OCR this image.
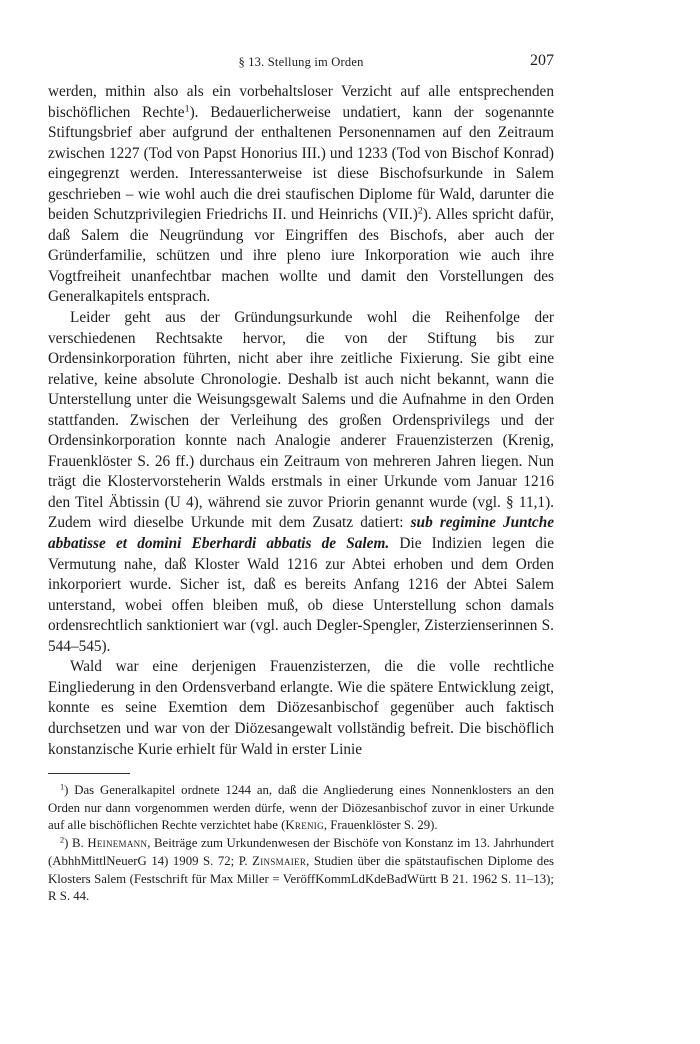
§ 13. Stellung im Orden	207

werden, mithin also als ein vorbehaltsloser Verzicht auf alle entsprechenden bischöflichen Rechte$^1$). Bedauerlicherweise undatiert, kann der sogenannte Stiftungsbrief aber aufgrund der enthaltenen Personennamen auf den Zeitraum zwischen 1227 (Tod von Papst Honorius III.) und 1233 (Tod von Bischof Konrad) eingegrenzt werden. Interessanterweise ist diese Bischofsurkunde in Salem geschrieben – wie wohl auch die drei staufischen Diplome für Wald, darunter die beiden Schutzprivilegien Friedrichs II. und Heinrichs $(VII.)^2$). Alles spricht dafür, daß Salem die Neugründung vor Eingriffen des Bischofs, aber auch der Gründerfamilie, schützen und ihre pleno iure Inkorporation wie auch ihre Vogtfreiheit unanfechtbar machen wollte und damit den Vorstellungen des Generalkapitels entsprach.

Leider geht aus der Gründungsurkunde wohl die Reihenfolge der verschiedenen Rechtsakte hervor, die von der Stiftung bis zur Ordensinkorporation führten, nicht aber ihre zeitliche Fixierung. Sie gibt eine relative, keine absolute Chronologie. Deshalb ist auch nicht bekannt, wann die Unterstellung unter die Weisungsgewalt Salems und die Aufnahme in den Orden stattfanden. Zwischen der Verleihung des großen Ordensprivilegs und der Ordensinkorporation konnte nach Analogie anderer Frauenzisterzen (Krenig, Frauenklöster S. 26 ff.) durchaus ein Zeitraum von mehreren Jahren liegen. Nun trägt die Klostervorsteherin Walds erstmals in einer Urkunde vom Januar 1216 den Titel Äbtissin (U 4), während sie zuvor Priorin genannt wurde (vgl. § 11,1). Zudem wird dieselbe Urkunde mit dem Zusatz datiert: sub regimine Juntche abbatisse et domini Eberhardi abbatis de Salem. Die Indizien legen die Vermutung nahe, daß Kloster Wald 1216 zur Abtei erhoben und dem Orden inkorporiert wurde. Sicher ist, daß es bereits Anfang 1216 der Abtei Salem unterstand, wobei offen bleiben muß, ob diese Unterstellung schon damals ordensrechtlich sanktioniert war (vgl. auch Degler-Spengler, Zisterzienserinnen S. 544–545).

Wald war eine derjenigen Frauenzisterzen, die die volle rechtliche Eingliederung in den Ordensverband erlangte. Wie die spätere Entwicklung zeigt, konnte es seine Exemtion dem Diözesanbischof gegenüber auch faktisch durchsetzen und war von der Diözesangewalt vollständig befreit. Die bischöflich konstanzische Kurie erhielt für Wald in erster Linie

$^1$) Das Generalkapitel ordnete 1244 an, daß die Angliederung eines Nonnenklosters an den Orden nur dann vorgenommen werden dürfe, wenn der Diözesanbischof zuvor in einer Urkunde auf alle bischöflichen Rechte verzichtet habe (Krenig, Frauenklöster S. 29).

$^2$) B. Heinemann, Beiträge zum Urkundenwesen der Bischöfe von Konstanz im 13. Jahrhundert (AbhhMittlNeuerG 14) 1909 S. 72; P. Zinsmaier, Studien über die spätstaufischen Diplome des Klosters Salem (Festschrift für Max Miller = VeröffKommLdKdeBadWürtt B 21. 1962 S. 11–13); R S. 44.
